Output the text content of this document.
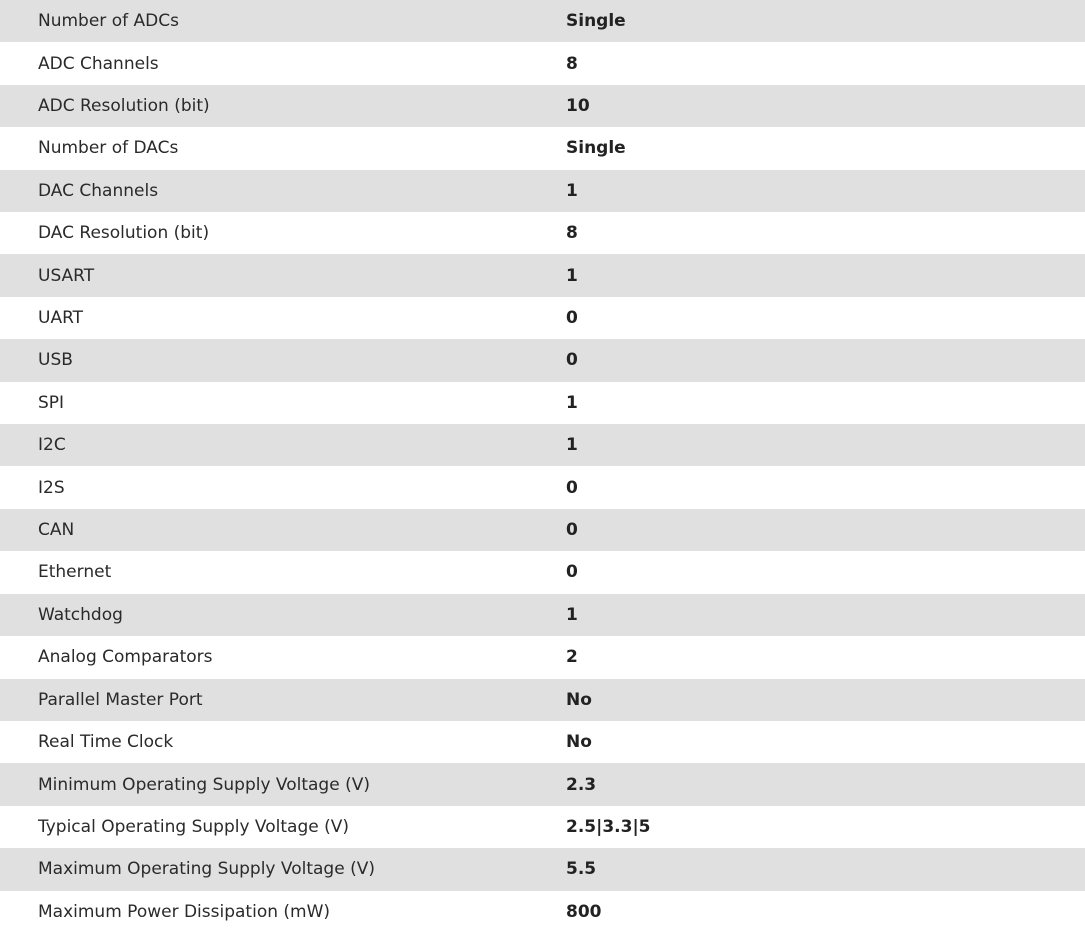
Number of ADCs	Single
ADC Channels	8
ADC Resolution (bit)	10
Number of DACs	Single
DAC Channels	1
DAC Resolution (bit)	8
USART	1
UART	0
USB	0
SPI	1
I2C	1
I2S	0
CAN	0
Ethernet	0
Watchdog	1
Analog Comparators	2
Parallel Master Port	No
Real Time Clock	No
Minimum Operating Supply Voltage (V)	2.3
Typical Operating Supply Voltage (V)	2.5|3.3|5
Maximum Operating Supply Voltage (V)	5.5
Maximum Power Dissipation (mW)	800
